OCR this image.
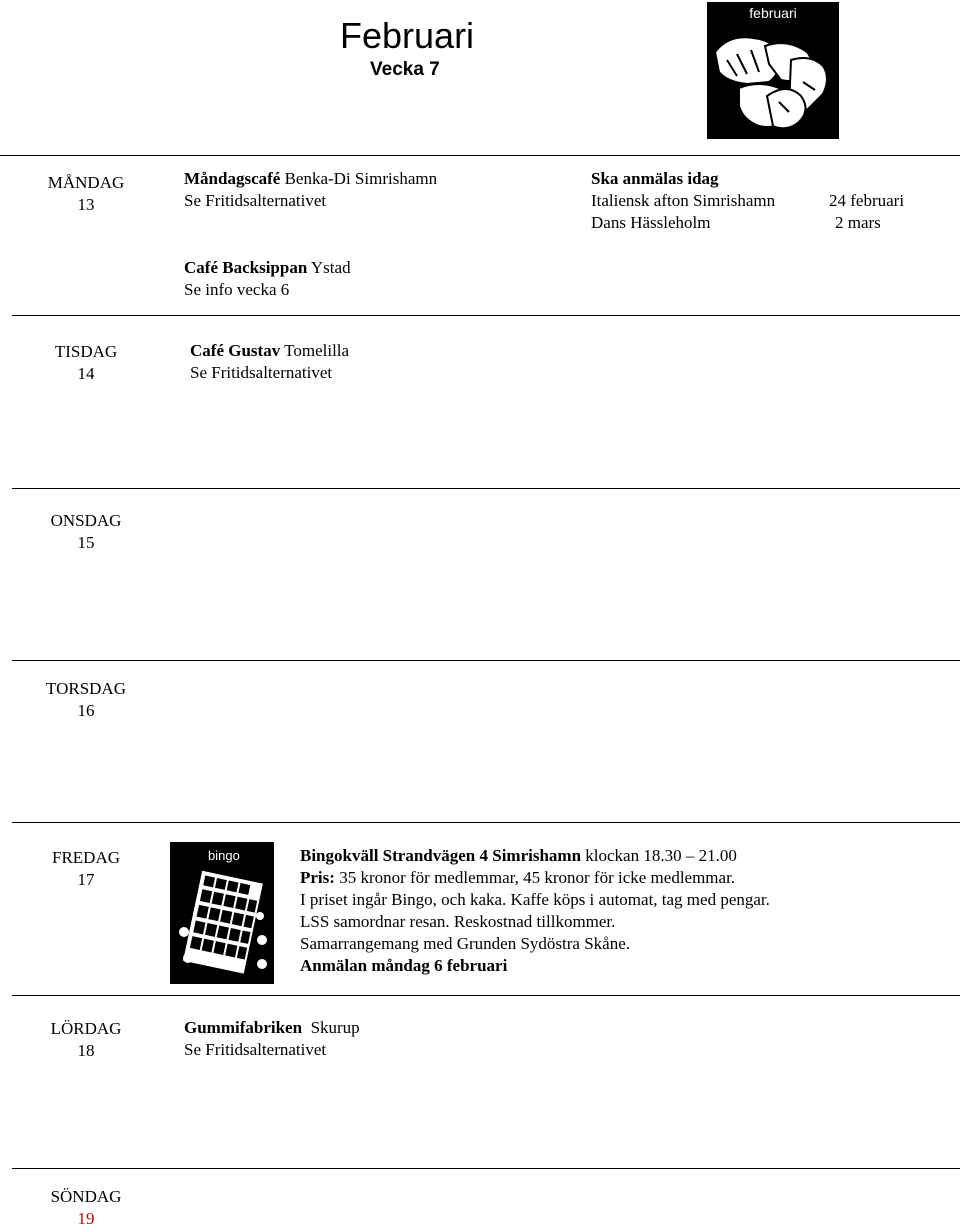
Februari
Vecka 7
februari
MÅNDAG
13
Måndagscafé Benka-Di Simrishamn
Se Fritidsalternativet
Ska anmälas idag
Italiensk afton Simrishamn	24 februari
Dans Hässleholm	2 mars
Café Backsippan Ystad
Se info vecka 6
TISDAG
14
Café Gustav Tomelilla
Se Fritidsalternativet
ONSDAG
15
TORSDAG
16
FREDAG
17
bingo	Bingokväll Strandvägen 4 Simrishamn klockan 18.30 – 21.00
Pris: 35 kronor för medlemmar, 45 kronor för icke medlemmar.
I priset ingår Bingo, och kaka. Kaffe köps i automat, tag med pengar.
LSS samordnar resan. Reskostnad tillkommer.
Samarrangemang med Grunden Sydöstra Skåne.
Anmälan måndag 6 februari
LÖRDAG
18
Gummifabriken Skurup
Se Fritidsalternativet
SÖNDAG
19
